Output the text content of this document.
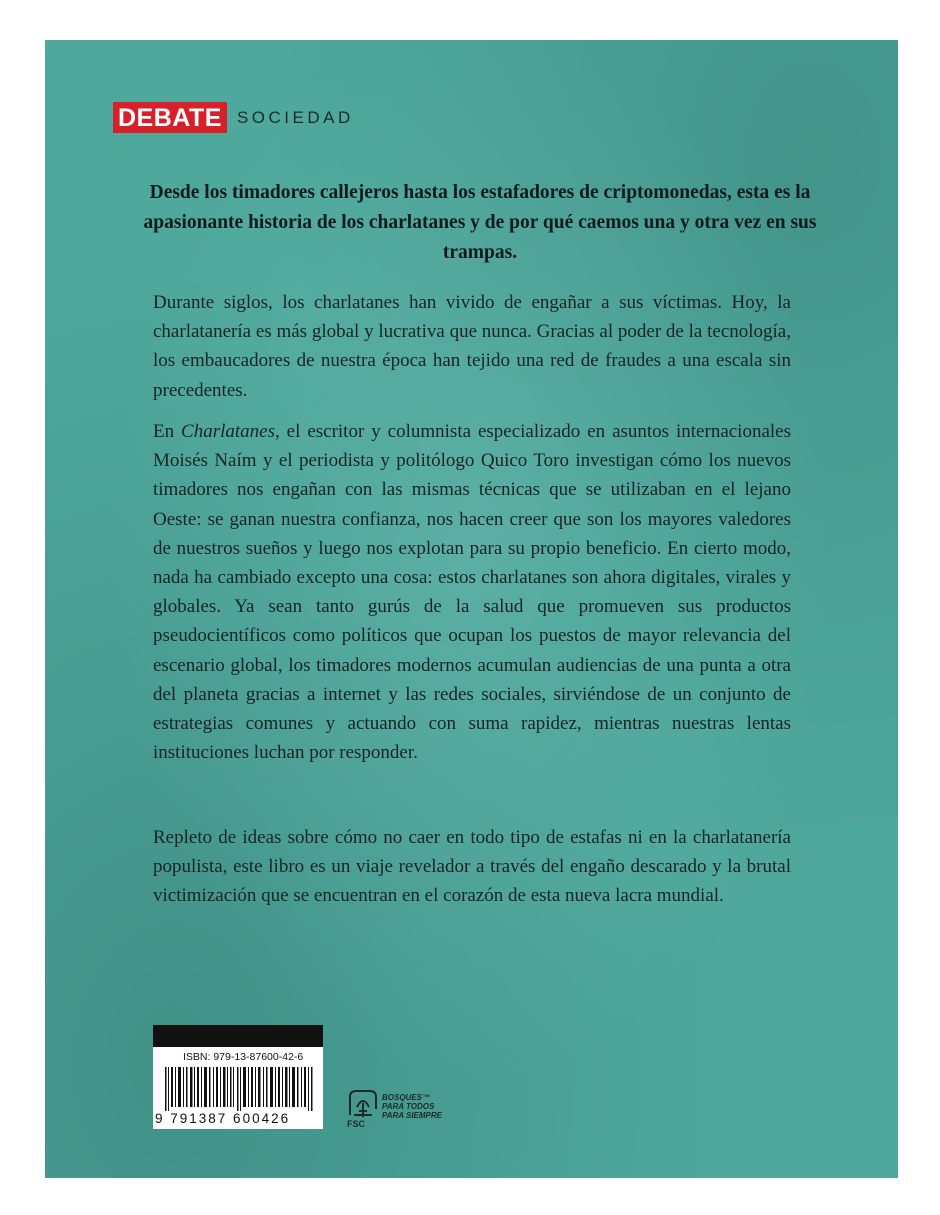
DEBATE SOCIEDAD

Desde los timadores callejeros hasta los estafadores de criptomonedas, esta es la apasionante historia de los charlatanes y de por qué caemos una y otra vez en sus trampas.

Durante siglos, los charlatanes han vivido de engañar a sus víctimas. Hoy, la charlatanería es más global y lucrativa que nunca. Gracias al poder de la tecnología, los embaucadores de nuestra época han tejido una red de fraudes a una escala sin precedentes.

En Charlatanes, el escritor y columnista especializado en asuntos internacionales Moisés Naím y el periodista y politólogo Quico Toro investigan cómo los nuevos timadores nos engañan con las mismas técnicas que se utilizaban en el lejano Oeste: se ganan nuestra confianza, nos hacen creer que son los mayores valedores de nuestros sueños y luego nos explotan para su propio beneficio. En cierto modo, nada ha cambiado excepto una cosa: estos charlatanes son ahora digitales, virales y globales. Ya sean tanto gurús de la salud que promueven sus productos pseudocientíficos como políticos que ocupan los puestos de mayor relevancia del escenario global, los timadores modernos acumulan audiencias de una punta a otra del planeta gracias a internet y las redes sociales, sirviéndose de un conjunto de estrategias comunes y actuando con suma rapidez, mientras nuestras lentas instituciones luchan por responder.

Repleto de ideas sobre cómo no caer en todo tipo de estafas ni en la charlatanería populista, este libro es un viaje revelador a través del engaño descarado y la brutal victimización que se encuentran en el corazón de esta nueva lacra mundial.

ISBN: 979-13-87600-42-6
9 791387 600426	FSC
BOSQUES™
PARA TODOS
PARA SIEMPRE
